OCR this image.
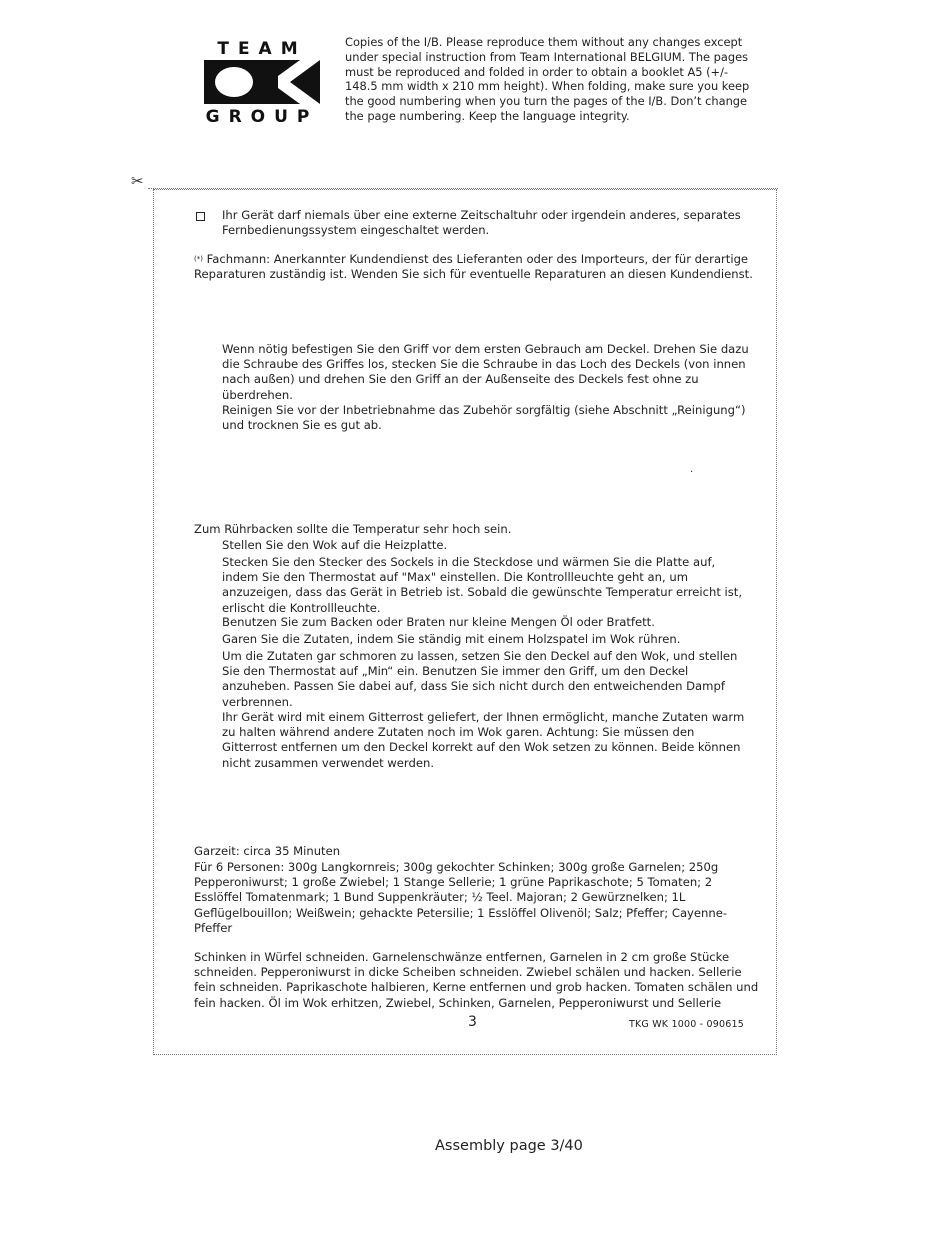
TEAM
GROUP
Copies of the I/B. Please reproduce them without any changes except under special instruction from Team International BELGIUM. The pages must be reproduced and folded in order to obtain a booklet A5 (+/- 148.5 mm width x 210 mm height). When folding, make sure you keep the good numbering when you turn the pages of the I/B. Don’t change the page numbering. Keep the language integrity.
✂
Ihr Gerät darf niemals über eine externe Zeitschaltuhr oder irgendein anderes, separates Fernbedienungssystem eingeschaltet werden.
(*) Fachmann: Anerkannter Kundendienst des Lieferanten oder des Importeurs, der für derartige Reparaturen zuständig ist. Wenden Sie sich für eventuelle Reparaturen an diesen Kundendienst.
Wenn nötig befestigen Sie den Griff vor dem ersten Gebrauch am Deckel. Drehen Sie dazu die Schraube des Griffes los, stecken Sie die Schraube in das Loch des Deckels (von innen nach außen) und drehen Sie den Griff an der Außenseite des Deckels fest ohne zu überdrehen.
Reinigen Sie vor der Inbetriebnahme das Zubehör sorgfältig (siehe Abschnitt „Reinigung“) und trocknen Sie es gut ab.
.
Zum Rührbacken sollte die Temperatur sehr hoch sein.
Stellen Sie den Wok auf die Heizplatte.
Stecken Sie den Stecker des Sockels in die Steckdose und wärmen Sie die Platte auf, indem Sie den Thermostat auf "Max" einstellen. Die Kontrollleuchte geht an, um anzuzeigen, dass das Gerät in Betrieb ist. Sobald die gewünschte Temperatur erreicht ist, erlischt die Kontrollleuchte.
Benutzen Sie zum Backen oder Braten nur kleine Mengen Öl oder Bratfett.
Garen Sie die Zutaten, indem Sie ständig mit einem Holzspatel im Wok rühren.
Um die Zutaten gar schmoren zu lassen, setzen Sie den Deckel auf den Wok, und stellen Sie den Thermostat auf „Min“ ein. Benutzen Sie immer den Griff, um den Deckel anzuheben. Passen Sie dabei auf, dass Sie sich nicht durch den entweichenden Dampf verbrennen.
Ihr Gerät wird mit einem Gitterrost geliefert, der Ihnen ermöglicht, manche Zutaten warm zu halten während andere Zutaten noch im Wok garen. Achtung: Sie müssen den Gitterrost entfernen um den Deckel korrekt auf den Wok setzen zu können. Beide können nicht zusammen verwendet werden.
Garzeit: circa 35 Minuten
Für 6 Personen: 300g Langkornreis; 300g gekochter Schinken; 300g große Garnelen; 250g Pepperoniwurst; 1 große Zwiebel; 1 Stange Sellerie; 1 grüne Paprikaschote; 5 Tomaten; 2 Esslöffel Tomatenmark; 1 Bund Suppenkräuter; ½ Teel. Majoran; 2 Gewürznelken; 1L Geflügelbouillon; Weißwein; gehackte Petersilie; 1 Esslöffel Olivenöl; Salz; Pfeffer; Cayenne-Pfeffer
Schinken in Würfel schneiden. Garnelenschwänze entfernen, Garnelen in 2 cm große Stücke schneiden. Pepperoniwurst in dicke Scheiben schneiden. Zwiebel schälen und hacken. Sellerie fein schneiden. Paprikaschote halbieren, Kerne entfernen und grob hacken. Tomaten schälen und fein hacken. Öl im Wok erhitzen, Zwiebel, Schinken, Garnelen, Pepperoniwurst und Sellerie
3	TKG WK 1000 - 090615
Assembly page 3/40
